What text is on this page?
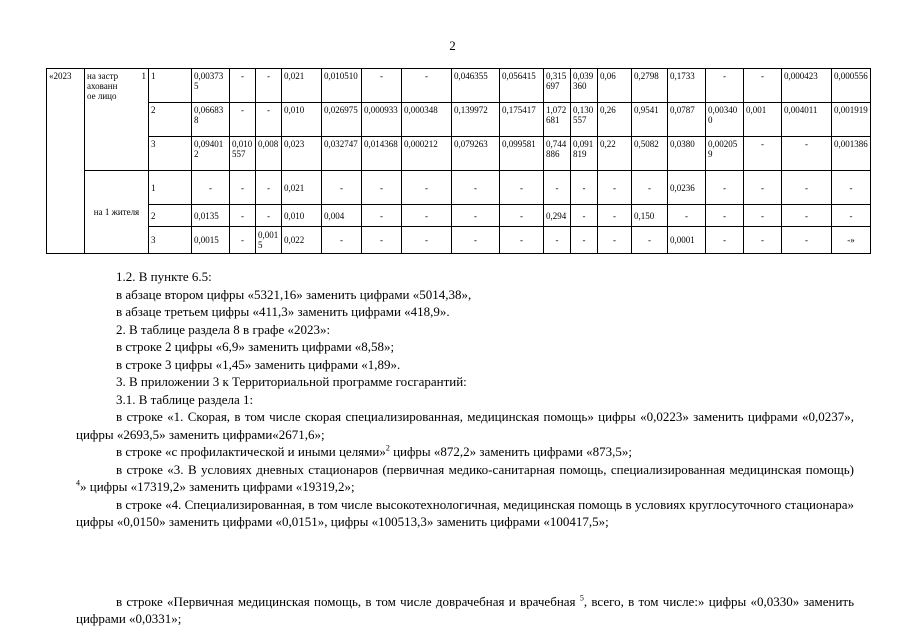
2
«2023	на застрахованное лицо	1	1	0,003735	-	-	0,021	0,010510	-	-	0,046355	0,056415	0,315697	0,039360	0,06	0,2798	0,1733	-	-	0,000423	0,000556
			2	0,066838	-	-	0,010	0,026975	0,000933	0,000348	0,139972	0,175417	1,072681	0,130557	0,26	0,9541	0,0787	0,003400	0,001	0,004011	0,001919
			3	0,094012	0,010557	0,008	0,023	0,032747	0,014368	0,000212	0,079263	0,099581	0,744886	0,091819	0,22	0,5082	0,0380	0,002059	-	-	0,001386
	на 1 жителя		1	-	-	-	0,021	-	-	-	-	-	-	-	-	-	0,0236	-	-	-	-
			2	0,0135	-	-	0,010	0,004	-	-	-	-	0,294	-	-	0,150	-	-	-	-	-
			3	0,0015	-	0,0015	0,022	-	-	-	-	-	-	-	-	-	0,0001	-	-	-	-»

1.2. В пункте 6.5:

в абзаце втором цифры «5321,16» заменить цифрами «5014,38»,

в абзаце третьем цифры «411,3» заменить цифрами «418,9».

2. В таблице раздела 8 в графе «2023»:

в строке 2 цифры «6,9» заменить цифрами «8,58»;

в строке 3 цифры «1,45» заменить цифрами «1,89».

3. В приложении 3 к Территориальной программе госгарантий:

3.1. В таблице раздела 1:

в строке «1. Скорая, в том числе скорая специализированная, медицинская помощь» цифры «0,0223» заменить цифрами «0,0237», цифры «2693,5» заменить цифрами«2671,6»;

в строке «с профилактической и иными целями»$^2$ цифры «872,2» заменить цифрами «873,5»;

в строке «3. В условиях дневных стационаров (первичная медико-санитарная помощь, специализированная медицинская помощь) $^4$» цифры «17319,2» заменить цифрами «19319,2»;

в строке «4. Специализированная, в том числе высокотехнологичная, медицинская помощь в условиях круглосуточного стационара» цифры «0,0150» заменить цифрами «0,0151», цифры «100513,3» заменить цифрами «100417,5»;

в строке «Первичная медицинская помощь, в том числе доврачебная и врачебная $^5$, всего, в том числе:» цифры «0,0330» заменить цифрами «0,0331»;
